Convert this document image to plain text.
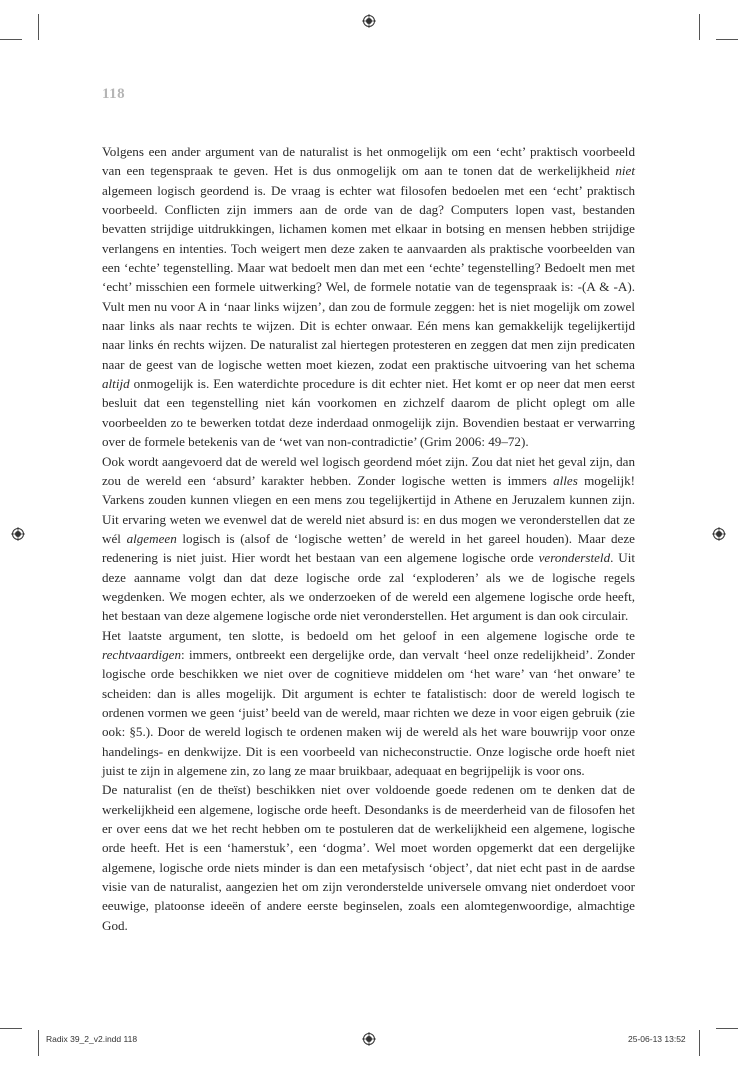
118

Volgens een ander argument van de naturalist is het onmogelijk om een ‘echt’ praktisch voorbeeld van een tegenspraak te geven. Het is dus onmogelijk om aan te tonen dat de werkelijkheid niet algemeen logisch geordend is. De vraag is echter wat filosofen bedoelen met een ‘echt’ praktisch voorbeeld. Conflicten zijn immers aan de orde van de dag? Computers lopen vast, bestanden bevatten strijdige uitdrukkingen, lichamen komen met elkaar in botsing en mensen hebben strijdige verlangens en intenties. Toch weigert men deze zaken te aanvaarden als praktische voorbeelden van een ‘echte’ tegenstelling. Maar wat bedoelt men dan met een ‘echte’ tegenstelling? Bedoelt men met ‘echt’ misschien een formele uitwerking? Wel, de formele notatie van de tegenspraak is: -(A & -A). Vult men nu voor A in ‘naar links wijzen’, dan zou de formule zeggen: het is niet mogelijk om zowel naar links als naar rechts te wijzen. Dit is echter onwaar. Eén mens kan gemakkelijk tegelijkertijd naar links én rechts wijzen. De naturalist zal hiertegen protesteren en zeggen dat men zijn predicaten naar de geest van de logische wetten moet kiezen, zodat een praktische uitvoering van het schema altijd onmogelijk is. Een waterdichte procedure is dit echter niet. Het komt er op neer dat men eerst besluit dat een tegenstelling niet kán voorkomen en zichzelf daarom de plicht oplegt om alle voorbeelden zo te bewerken totdat deze inderdaad onmogelijk zijn. Bovendien bestaat er verwarring over de formele betekenis van de ‘wet van non-contradictie’ (Grim 2006: 49–72).

Ook wordt aangevoerd dat de wereld wel logisch geordend móet zijn. Zou dat niet het geval zijn, dan zou de wereld een ‘absurd’ karakter hebben. Zonder logische wetten is immers alles mogelijk! Varkens zouden kunnen vliegen en een mens zou tegelijkertijd in Athene en Jeruzalem kunnen zijn. Uit ervaring weten we evenwel dat de wereld niet absurd is: en dus mogen we veronderstellen dat ze wél algemeen logisch is (alsof de ‘logische wetten’ de wereld in het gareel houden). Maar deze redenering is niet juist. Hier wordt het bestaan van een algemene logische orde verondersteld. Uit deze aanname volgt dan dat deze logische orde zal ‘exploderen’ als we de logische regels wegdenken. We mogen echter, als we onderzoeken of de wereld een algemene logische orde heeft, het bestaan van deze algemene logische orde niet veronderstellen. Het argument is dan ook circulair.

Het laatste argument, ten slotte, is bedoeld om het geloof in een algemene logische orde te rechtvaardigen: immers, ontbreekt een dergelijke orde, dan vervalt ‘heel onze redelijkheid’. Zonder logische orde beschikken we niet over de cognitieve middelen om ‘het ware’ van ‘het onware’ te scheiden: dan is alles mogelijk. Dit argument is echter te fatalistisch: door de wereld logisch te ordenen vormen we geen ‘juist’ beeld van de wereld, maar richten we deze in voor eigen gebruik (zie ook: §5.). Door de wereld logisch te ordenen maken wij de wereld als het ware bouwrijp voor onze handelings- en denkwijze. Dit is een voorbeeld van nicheconstructie. Onze logische orde hoeft niet juist te zijn in algemene zin, zo lang ze maar bruikbaar, adequaat en begrijpelijk is voor ons.

De naturalist (en de theïst) beschikken niet over voldoende goede redenen om te denken dat de werkelijkheid een algemene, logische orde heeft. Desondanks is de meerderheid van de filosofen het er over eens dat we het recht hebben om te postuleren dat de werkelijkheid een algemene, logische orde heeft. Het is een ‘hamerstuk’, een ‘dogma’. Wel moet worden opgemerkt dat een dergelijke algemene, logische orde niets minder is dan een metafysisch ‘object’, dat niet echt past in de aardse visie van de naturalist, aangezien het om zijn veronderstelde universele omvang niet onderdoet voor eeuwige, platoonse ideeën of andere eerste beginselen, zoals een alomtegenwoordige, almachtige God.

Radix 39_2_v2.indd 118	25-06-13 13:52
